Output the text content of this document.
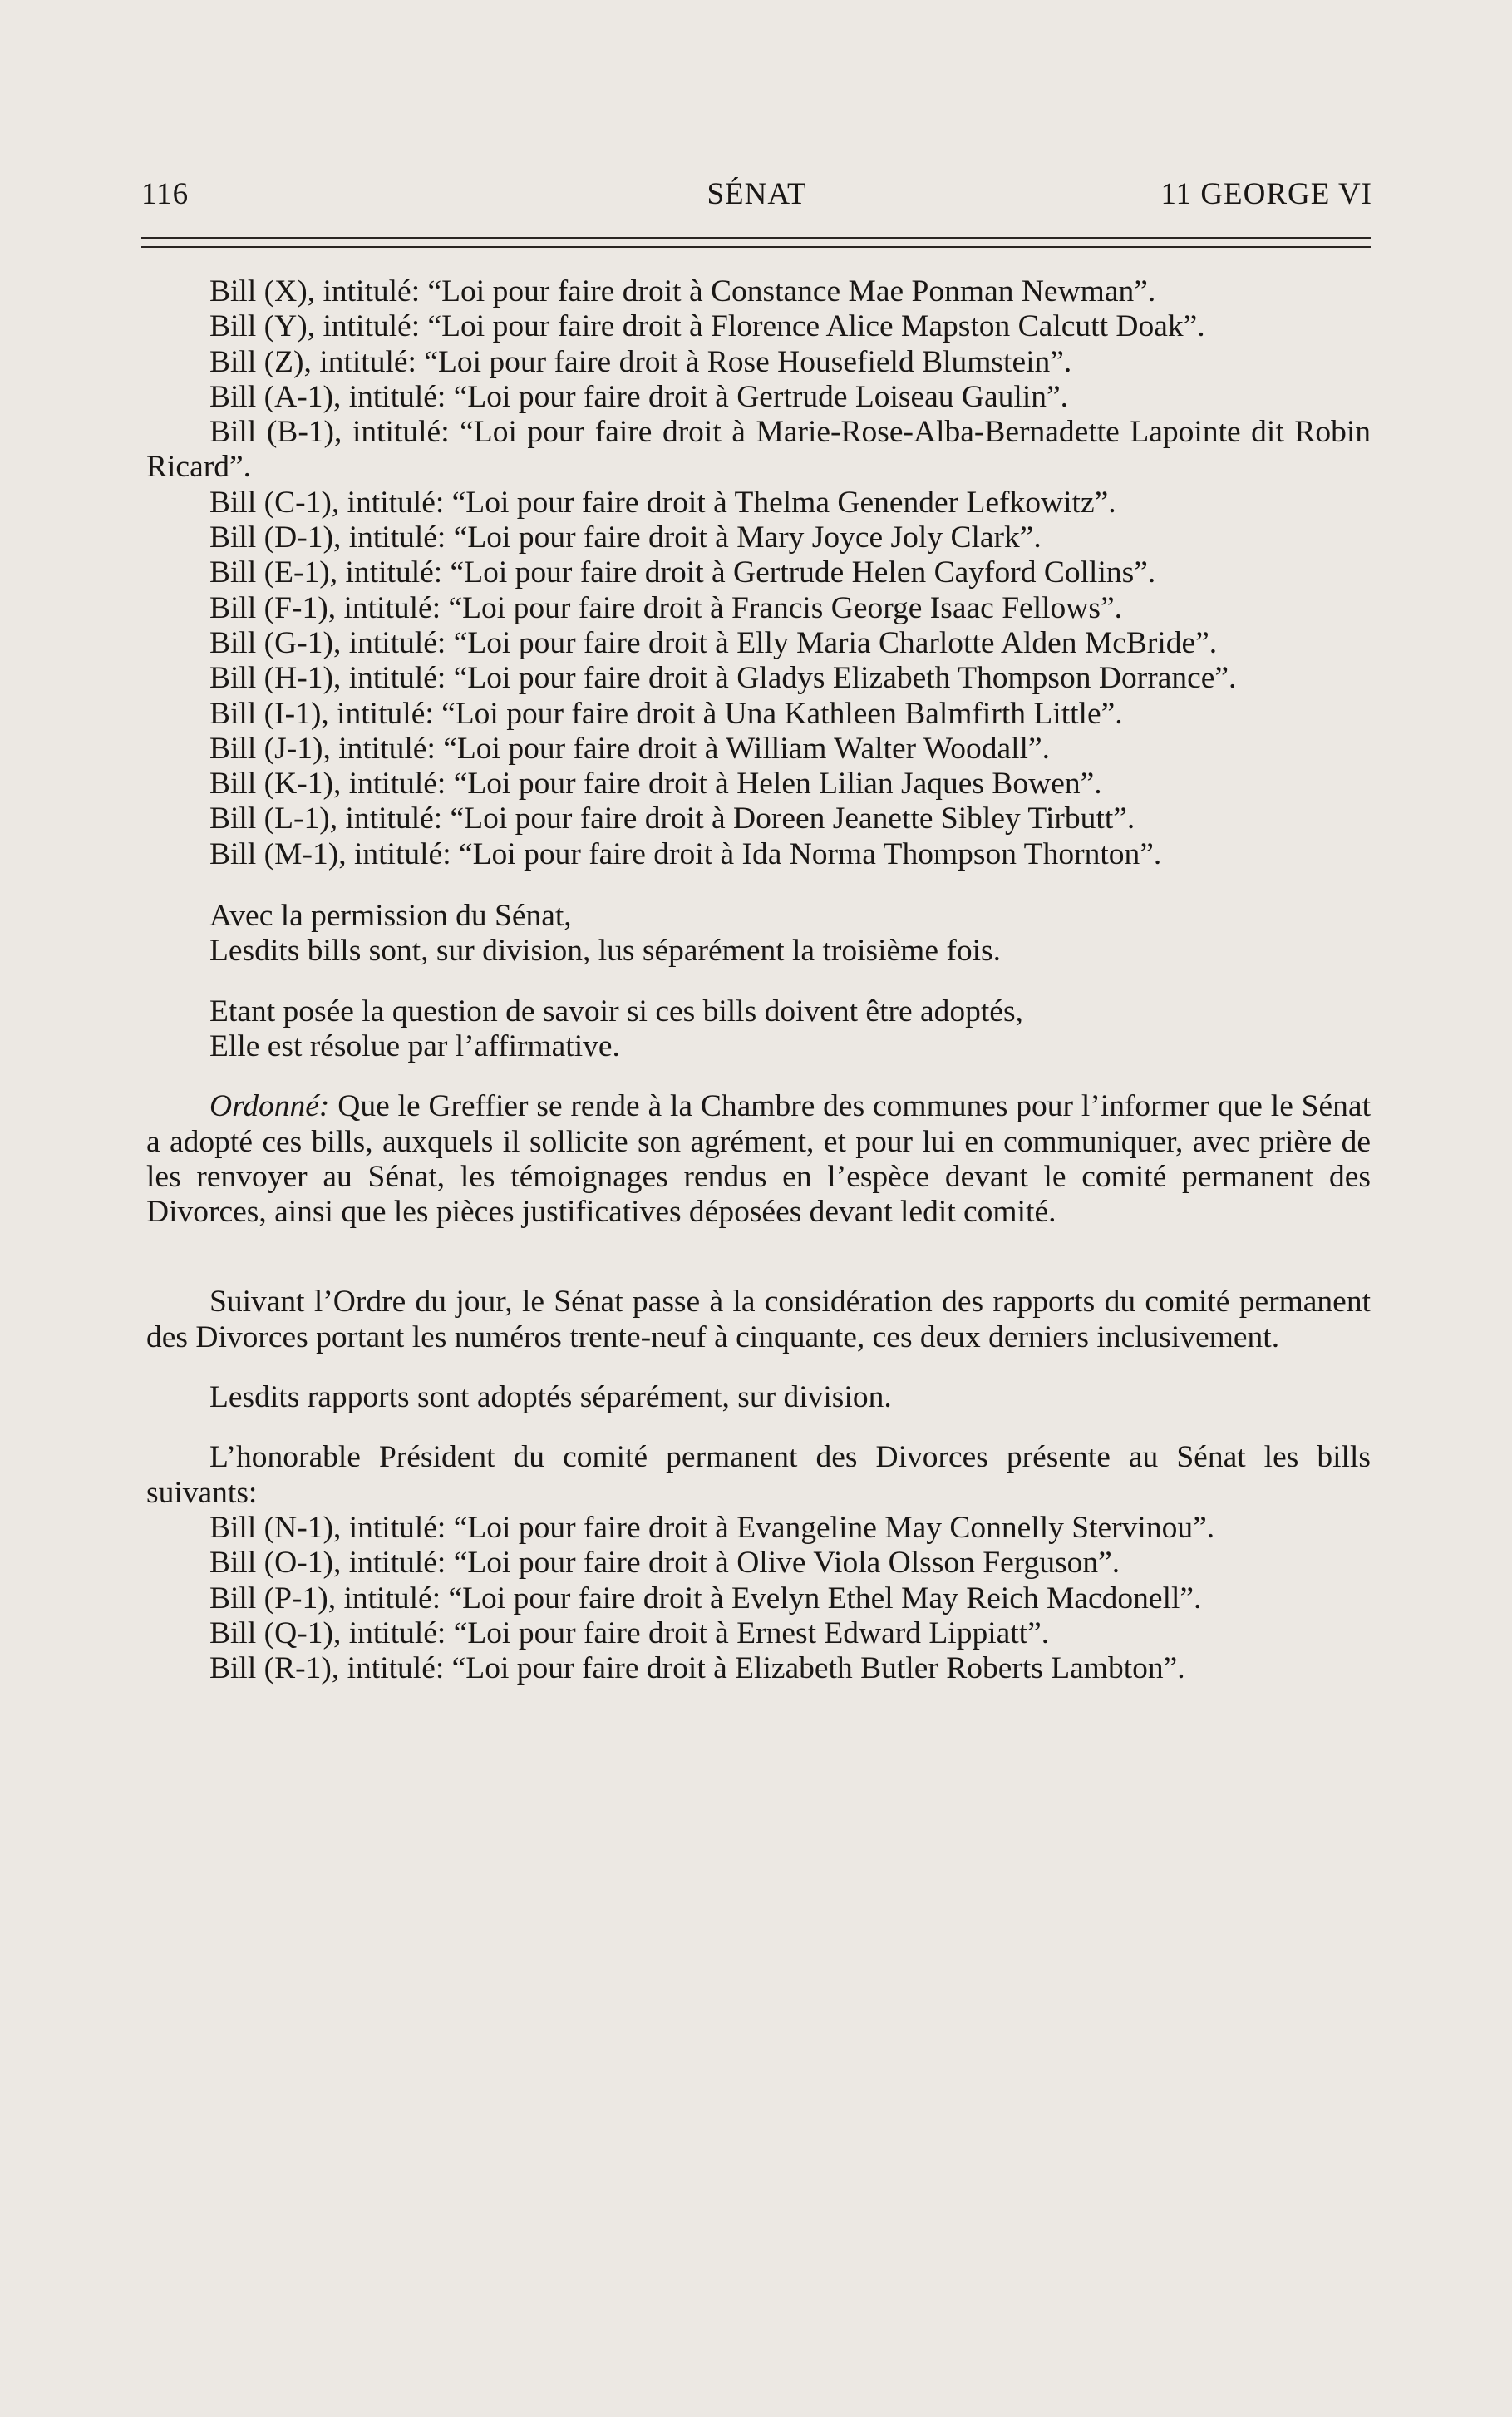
116	SÉNAT	11 GEORGE VI

Bill (X), intitulé: “Loi pour faire droit à Constance Mae Ponman Newman”.

Bill (Y), intitulé: “Loi pour faire droit à Florence Alice Mapston Calcutt Doak”.

Bill (Z), intitulé: “Loi pour faire droit à Rose Housefield Blumstein”.

Bill (A-1), intitulé: “Loi pour faire droit à Gertrude Loiseau Gaulin”.

Bill (B-1), intitulé: “Loi pour faire droit à Marie-Rose-Alba-Bernadette Lapointe dit Robin Ricard”.

Bill (C-1), intitulé: “Loi pour faire droit à Thelma Genender Lefkowitz”.

Bill (D-1), intitulé: “Loi pour faire droit à Mary Joyce Joly Clark”.

Bill (E-1), intitulé: “Loi pour faire droit à Gertrude Helen Cayford Collins”.

Bill (F-1), intitulé: “Loi pour faire droit à Francis George Isaac Fellows”.

Bill (G-1), intitulé: “Loi pour faire droit à Elly Maria Charlotte Alden McBride”.

Bill (H-1), intitulé: “Loi pour faire droit à Gladys Elizabeth Thompson Dorrance”.

Bill (I-1), intitulé: “Loi pour faire droit à Una Kathleen Balmfirth Little”.

Bill (J-1), intitulé: “Loi pour faire droit à William Walter Woodall”.

Bill (K-1), intitulé: “Loi pour faire droit à Helen Lilian Jaques Bowen”.

Bill (L-1), intitulé: “Loi pour faire droit à Doreen Jeanette Sibley Tirbutt”.

Bill (M-1), intitulé: “Loi pour faire droit à Ida Norma Thompson Thornton”.

Avec la permission du Sénat,

Lesdits bills sont, sur division, lus séparément la troisième fois.

Etant posée la question de savoir si ces bills doivent être adoptés,

Elle est résolue par l’affirmative.

Ordonné: Que le Greffier se rende à la Chambre des communes pour l’informer que le Sénat a adopté ces bills, auxquels il sollicite son agrément, et pour lui en communiquer, avec prière de les renvoyer au Sénat, les témoignages rendus en l’espèce devant le comité permanent des Divorces, ainsi que les pièces justificatives déposées devant ledit comité.

Suivant l’Ordre du jour, le Sénat passe à la considération des rapports du comité permanent des Divorces portant les numéros trente-neuf à cinquante, ces deux derniers inclusivement.

Lesdits rapports sont adoptés séparément, sur division.

L’honorable Président du comité permanent des Divorces présente au Sénat les bills suivants:

Bill (N-1), intitulé: “Loi pour faire droit à Evangeline May Connelly Stervinou”.

Bill (O-1), intitulé: “Loi pour faire droit à Olive Viola Olsson Ferguson”.

Bill (P-1), intitulé: “Loi pour faire droit à Evelyn Ethel May Reich Macdonell”.

Bill (Q-1), intitulé: “Loi pour faire droit à Ernest Edward Lippiatt”.

Bill (R-1), intitulé: “Loi pour faire droit à Elizabeth Butler Roberts Lambton”.
